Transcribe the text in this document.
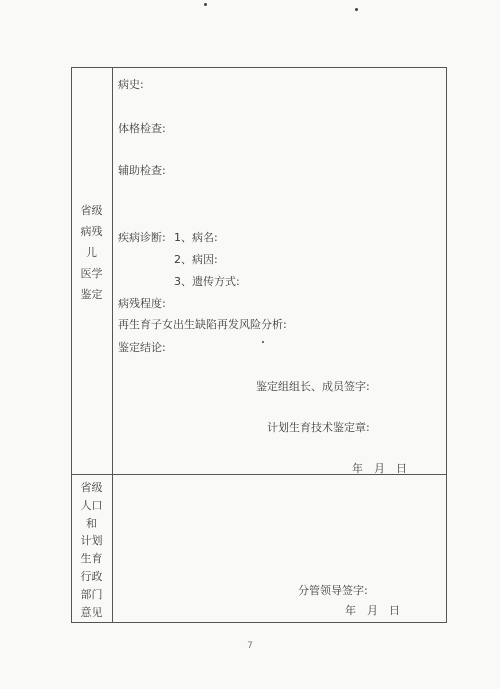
省级
病残
儿
医学
鉴定
病史:
体格检查:
辅助检查:
疾病诊断: 1、病名:
2、病因:
3、遗传方式:
病残程度:
再生育子女出生缺陷再发风险分析:
鉴定结论:
鉴定组组长、成员签字:
计划生育技术鉴定章:
年　月　日
省级
人口
和
计划
生育
行政
部门
意见
分管领导签字:
年　月　日
7
